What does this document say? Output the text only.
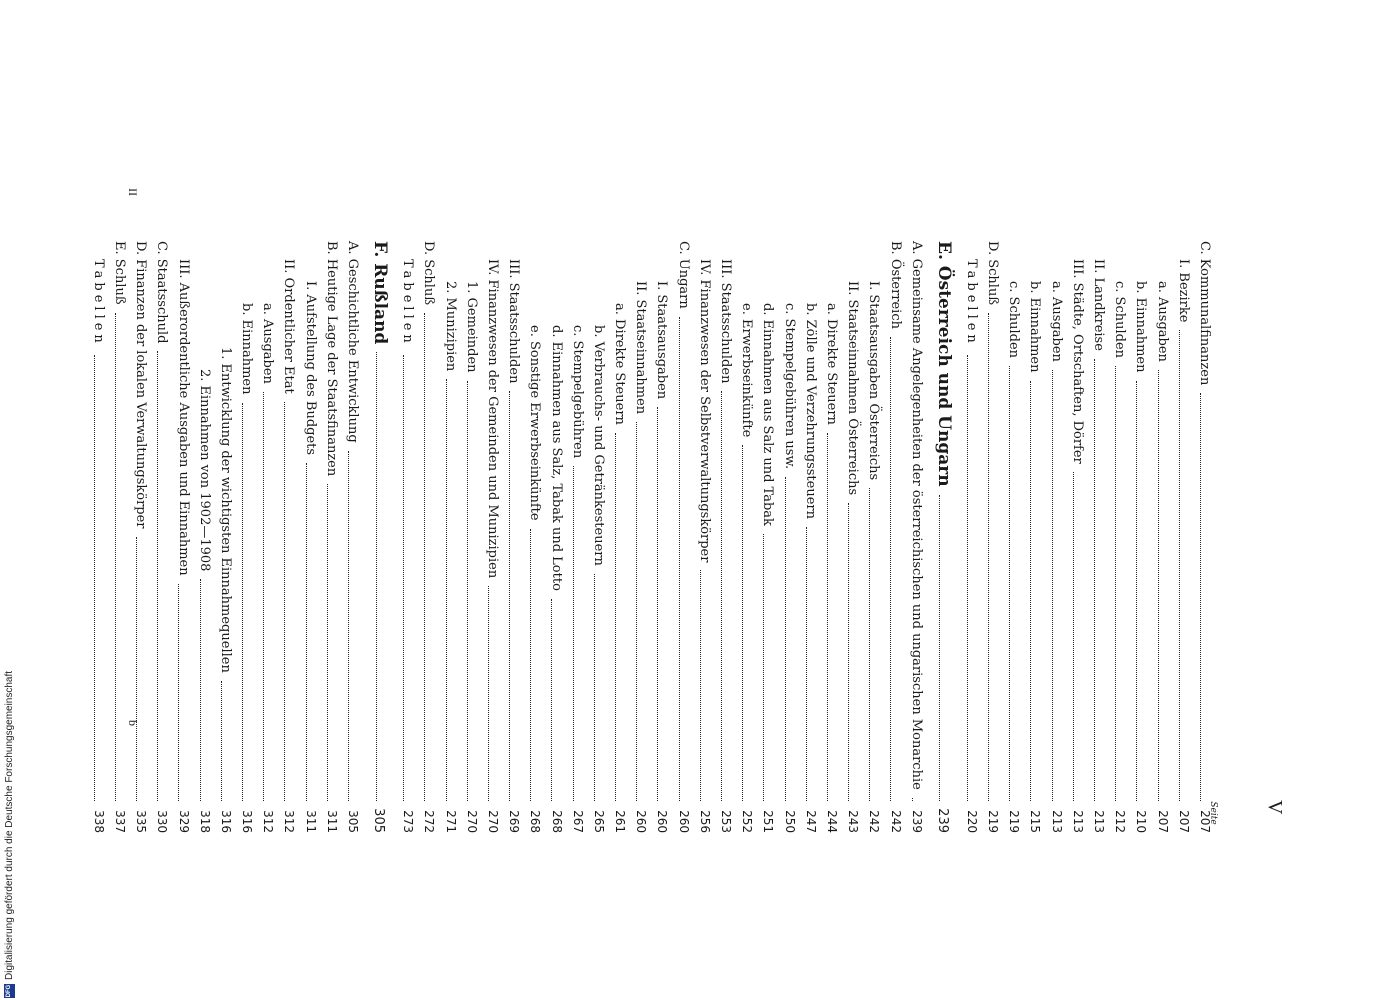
V
Seite
C. Kommunalfinanzen
207
I. Bezirke
207
a. Ausgaben
207
b. Einnahmen
210
c. Schulden
212
II. Landkreise
213
III. Städte, Ortschaften, Dörfer
213
a. Ausgaben
213
b. Einnahmen
215
c. Schulden
219
D. Schluß
219
Tabellen
220
E. Österreich und Ungarn
239
A. Gemeinsame Angelegenheiten der österreichischen und ungarischen Monarchie
239
B. Österreich
242
I. Staatsausgaben Österreichs
242
II. Staatseinnahmen Österreichs
243
a. Direkte Steuern
244
b. Zölle und Verzehrungssteuern
247
c. Stempelgebühren usw.
250
d. Einnahmen aus Salz und Tabak
251
e. Erwerbseinkünfte
252
III. Staatsschulden
253
IV. Finanzwesen der Selbstverwaltungskörper
256
C. Ungarn
260
I. Staatsausgaben
260
II. Staatseinnahmen
260
a. Direkte Steuern
261
b. Verbrauchs- und Getränkesteuern
265
c. Stempelgebühren
267
d. Einnahmen aus Salz, Tabak und Lotto
268
e. Sonstige Erwerbseinkünfte
268
III. Staatsschulden
269
IV. Finanzwesen der Gemeinden und Munizipien
270
1. Gemeinden
270
2. Munizipien
271
D. Schluß
272
Tabellen
273
F. Rußland
305
A. Geschichtliche Entwicklung
305
B. Heutige Lage der Staatsfinanzen
311
I. Aufstellung des Budgets
311
II. Ordentlicher Etat
312
a. Ausgaben
312
b. Einnahmen
316
1. Entwicklung der wichtigsten Einnahmequellen
316
2. Einnahmen von 1902—1908
318
III. Außerordentliche Ausgaben und Einnahmen
329
C. Staatsschuld
330
D. Finanzen der lokalen Verwaltungskörper
335
E. Schluß
337
Tabellen
338
II
b
DFG
Digitalisierung gefördert durch die Deutsche Forschungsgemeinschaft
